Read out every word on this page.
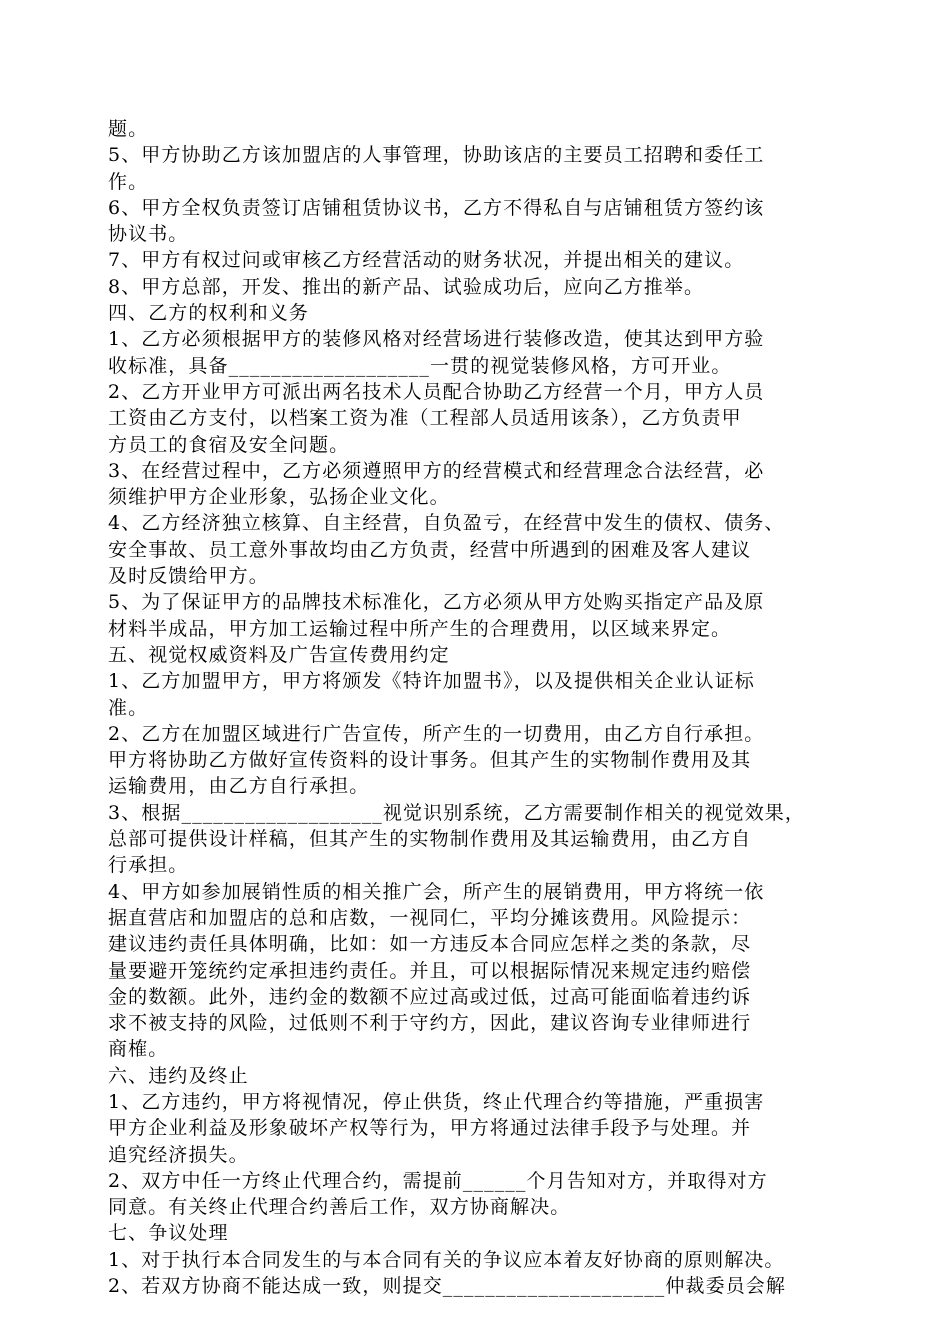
题。
5、甲方协助乙方该加盟店的人事管理，协助该店的主要员工招聘和委任工
作。
6、甲方全权负责签订店铺租赁协议书，乙方不得私自与店铺租赁方签约该
协议书。
7、甲方有权过问或审核乙方经营活动的财务状况，并提出相关的建议。
8、甲方总部，开发、推出的新产品、试验成功后，应向乙方推举。
四、乙方的权利和义务
1、乙方必须根据甲方的装修风格对经营场进行装修改造，使其达到甲方验
收标准，具备___________________一贯的视觉装修风格，方可开业。
2、乙方开业甲方可派出两名技术人员配合协助乙方经营一个月，甲方人员
工资由乙方支付，以档案工资为准（工程部人员适用该条），乙方负责甲
方员工的食宿及安全问题。
3、在经营过程中，乙方必须遵照甲方的经营模式和经营理念合法经营，必
须维护甲方企业形象，弘扬企业文化。
4、乙方经济独立核算、自主经营，自负盈亏，在经营中发生的债权、债务、
安全事故、员工意外事故均由乙方负责，经营中所遇到的困难及客人建议
及时反馈给甲方。
5、为了保证甲方的品牌技术标准化，乙方必须从甲方处购买指定产品及原
材料半成品，甲方加工运输过程中所产生的合理费用，以区域来界定。
五、视觉权威资料及广告宣传费用约定
1、乙方加盟甲方，甲方将颁发《特许加盟书》，以及提供相关企业认证标
准。
2、乙方在加盟区域进行广告宣传，所产生的一切费用，由乙方自行承担。
甲方将协助乙方做好宣传资料的设计事务。但其产生的实物制作费用及其
运输费用，由乙方自行承担。
3、根据___________________视觉识别系统，乙方需要制作相关的视觉效果，
总部可提供设计样稿，但其产生的实物制作费用及其运输费用，由乙方自
行承担。
4、甲方如参加展销性质的相关推广会，所产生的展销费用，甲方将统一依
据直营店和加盟店的总和店数，一视同仁，平均分摊该费用。风险提示：
建议违约责任具体明确，比如：如一方违反本合同应怎样之类的条款，尽
量要避开笼统约定承担违约责任。并且，可以根据际情况来规定违约赔偿
金的数额。此外，违约金的数额不应过高或过低，过高可能面临着违约诉
求不被支持的风险，过低则不利于守约方，因此，建议咨询专业律师进行
商榷。
六、违约及终止
1、乙方违约，甲方将视情况，停止供货，终止代理合约等措施，严重损害
甲方企业利益及形象破坏产权等行为，甲方将通过法律手段予与处理。并
追究经济损失。
2、双方中任一方终止代理合约，需提前______个月告知对方，并取得对方
同意。有关终止代理合约善后工作，双方协商解决。
七、争议处理
1、对于执行本合同发生的与本合同有关的争议应本着友好协商的原则解决。
2、若双方协商不能达成一致，则提交_____________________仲裁委员会解
